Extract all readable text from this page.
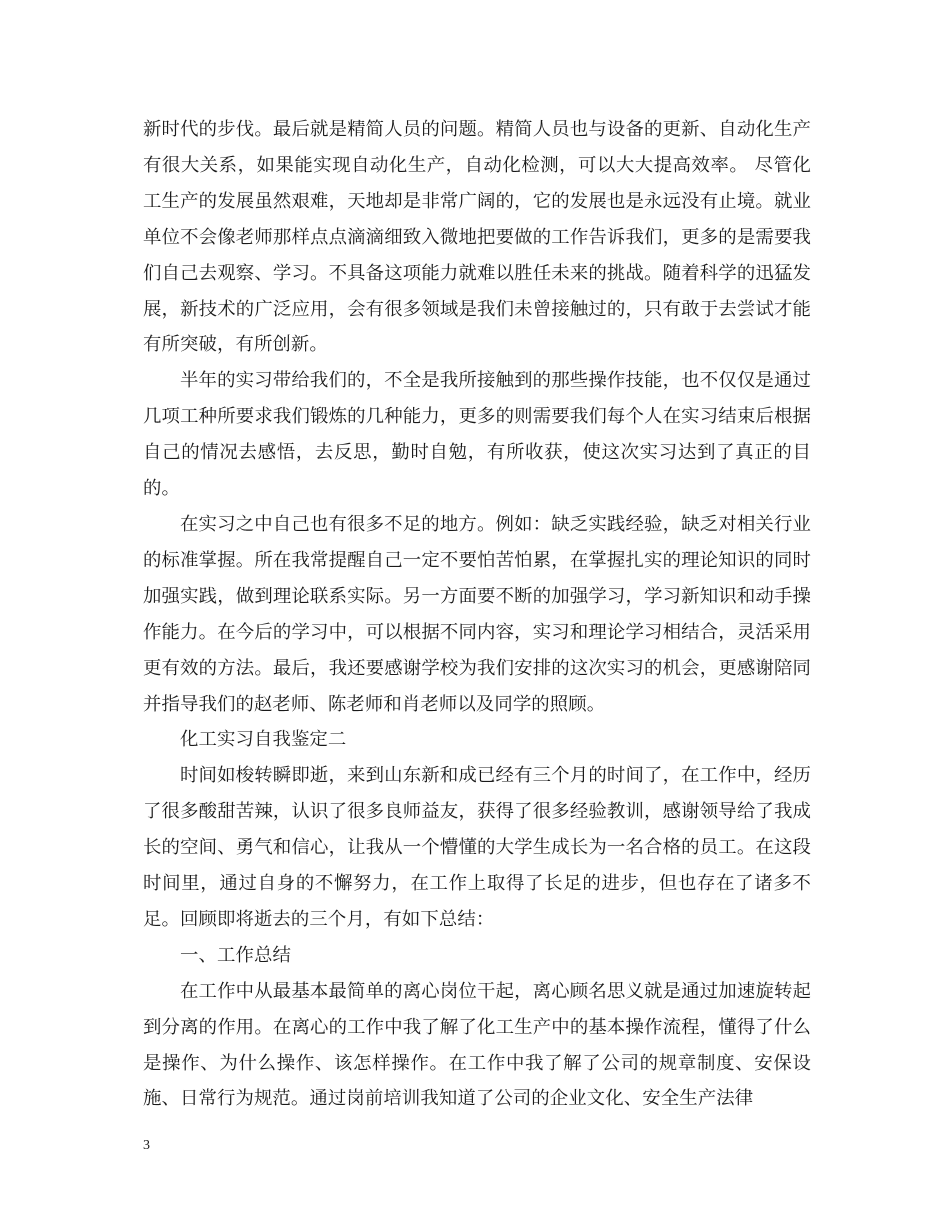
新时代的步伐。最后就是精简人员的问题。精简人员也与设备的更新、自动化生产有很大关系，如果能实现自动化生产，自动化检测，可以大大提高效率。 尽管化工生产的发展虽然艰难，天地却是非常广阔的，它的发展也是永远没有止境。就业单位不会像老师那样点点滴滴细致入微地把要做的工作告诉我们，更多的是需要我们自己去观察、学习。不具备这项能力就难以胜任未来的挑战。随着科学的迅猛发展，新技术的广泛应用，会有很多领域是我们未曾接触过的，只有敢于去尝试才能有所突破，有所创新。

半年的实习带给我们的，不全是我所接触到的那些操作技能，也不仅仅是通过几项工种所要求我们锻炼的几种能力，更多的则需要我们每个人在实习结束后根据自己的情况去感悟，去反思，勤时自勉，有所收获，使这次实习达到了真正的目的。

在实习之中自己也有很多不足的地方。例如：缺乏实践经验，缺乏对相关行业的标准掌握。所在我常提醒自己一定不要怕苦怕累，在掌握扎实的理论知识的同时加强实践，做到理论联系实际。另一方面要不断的加强学习，学习新知识和动手操作能力。在今后的学习中，可以根据不同内容，实习和理论学习相结合，灵活采用更有效的方法。最后，我还要感谢学校为我们安排的这次实习的机会，更感谢陪同并指导我们的赵老师、陈老师和肖老师以及同学的照顾。

化工实习自我鉴定二

时间如梭转瞬即逝，来到山东新和成已经有三个月的时间了，在工作中，经历了很多酸甜苦辣，认识了很多良师益友，获得了很多经验教训，感谢领导给了我成长的空间、勇气和信心，让我从一个懵懂的大学生成长为一名合格的员工。在这段时间里，通过自身的不懈努力，在工作上取得了长足的进步，但也存在了诸多不足。回顾即将逝去的三个月，有如下总结：

一、工作总结

在工作中从最基本最简单的离心岗位干起，离心顾名思义就是通过加速旋转起到分离的作用。在离心的工作中我了解了化工生产中的基本操作流程，懂得了什么是操作、为什么操作、该怎样操作。在工作中我了解了公司的规章制度、安保设施、日常行为规范。通过岗前培训我知道了公司的企业文化、安全生产法律

3
